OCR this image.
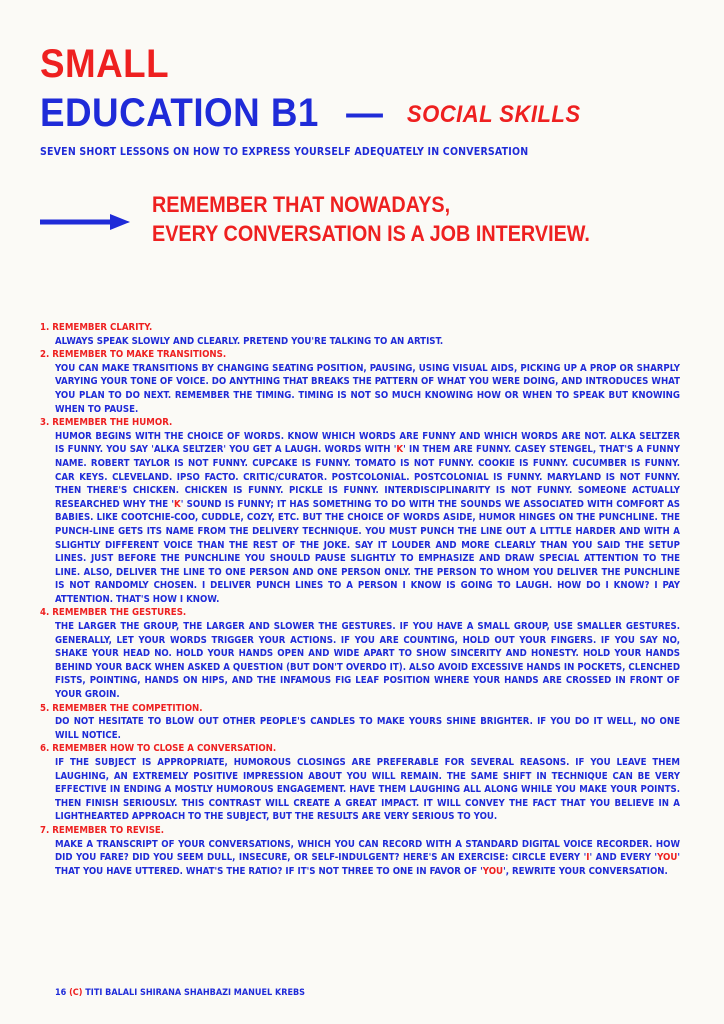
SMALL
EDUCATION B1 — SOCIAL SKILLS
SEVEN SHORT LESSONS ON HOW TO EXPRESS YOURSELF ADEQUATELY IN CONVERSATION
REMEMBER THAT NOWADAYS,
EVERY CONVERSATION IS A JOB INTERVIEW.
1. REMEMBER CLARITY.
ALWAYS SPEAK SLOWLY AND CLEARLY. PRETEND YOU'RE TALKING TO AN ARTIST.
2. REMEMBER TO MAKE TRANSITIONS.
YOU CAN MAKE TRANSITIONS BY CHANGING SEATING POSITION, PAUSING, USING VISUAL AIDS, PICKING UP A PROP OR SHARPLY VARYING YOUR TONE OF VOICE. DO ANYTHING THAT BREAKS THE PATTERN OF WHAT YOU WERE DOING, AND INTRODUCES WHAT YOU PLAN TO DO NEXT. REMEMBER THE TIMING. TIMING IS NOT SO MUCH KNOWING HOW OR WHEN TO SPEAK BUT KNOWING WHEN TO PAUSE.
3. REMEMBER THE HUMOR.
HUMOR BEGINS WITH THE CHOICE OF WORDS. KNOW WHICH WORDS ARE FUNNY AND WHICH WORDS ARE NOT. ALKA SELTZER IS FUNNY. YOU SAY 'ALKA SELTZER' YOU GET A LAUGH. WORDS WITH 'K' IN THEM ARE FUNNY. CASEY STENGEL, THAT'S A FUNNY NAME. ROBERT TAYLOR IS NOT FUNNY. CUPCAKE IS FUNNY. TOMATO IS NOT FUNNY. COOKIE IS FUNNY. CUCUMBER IS FUNNY. CAR KEYS. CLEVELAND. IPSO FACTO. CRITIC/CURATOR. POSTCOLONIAL. POSTCOLONIAL IS FUNNY. MARYLAND IS NOT FUNNY. THEN THERE'S CHICKEN. CHICKEN IS FUNNY. PICKLE IS FUNNY. INTERDISCIPLINARITY IS NOT FUNNY. SOMEONE ACTUALLY RESEARCHED WHY THE 'K' SOUND IS FUNNY; IT HAS SOMETHING TO DO WITH THE SOUNDS WE ASSOCIATED WITH COMFORT AS BABIES. LIKE COOTCHIE-COO, CUDDLE, COZY, ETC. BUT THE CHOICE OF WORDS ASIDE, HUMOR HINGES ON THE PUNCHLINE. THE PUNCH-LINE GETS ITS NAME FROM THE DELIVERY TECHNIQUE. YOU MUST PUNCH THE LINE OUT A LITTLE HARDER AND WITH A SLIGHTLY DIFFERENT VOICE THAN THE REST OF THE JOKE. SAY IT LOUDER AND MORE CLEARLY THAN YOU SAID THE SETUP LINES. JUST BEFORE THE PUNCHLINE YOU SHOULD PAUSE SLIGHTLY TO EMPHASIZE AND DRAW SPECIAL ATTENTION TO THE LINE. ALSO, DELIVER THE LINE TO ONE PERSON AND ONE PERSON ONLY. THE PERSON TO WHOM YOU DELIVER THE PUNCHLINE IS NOT RANDOMLY CHOSEN. I DELIVER PUNCH LINES TO A PERSON I KNOW IS GOING TO LAUGH. HOW DO I KNOW? I PAY ATTENTION. THAT'S HOW I KNOW.
4. REMEMBER THE GESTURES.
THE LARGER THE GROUP, THE LARGER AND SLOWER THE GESTURES. IF YOU HAVE A SMALL GROUP, USE SMALLER GESTURES. GENERALLY, LET YOUR WORDS TRIGGER YOUR ACTIONS. IF YOU ARE COUNTING, HOLD OUT YOUR FINGERS. IF YOU SAY NO, SHAKE YOUR HEAD NO. HOLD YOUR HANDS OPEN AND WIDE APART TO SHOW SINCERITY AND HONESTY. HOLD YOUR HANDS BEHIND YOUR BACK WHEN ASKED A QUESTION (BUT DON'T OVERDO IT). ALSO AVOID EXCESSIVE HANDS IN POCKETS, CLENCHED FISTS, POINTING, HANDS ON HIPS, AND THE INFAMOUS FIG LEAF POSITION WHERE YOUR HANDS ARE CROSSED IN FRONT OF YOUR GROIN.
5. REMEMBER THE COMPETITION.
DO NOT HESITATE TO BLOW OUT OTHER PEOPLE'S CANDLES TO MAKE YOURS SHINE BRIGHTER. IF YOU DO IT WELL, NO ONE WILL NOTICE.
6. REMEMBER HOW TO CLOSE A CONVERSATION.
IF THE SUBJECT IS APPROPRIATE, HUMOROUS CLOSINGS ARE PREFERABLE FOR SEVERAL REASONS. IF YOU LEAVE THEM LAUGHING, AN EXTREMELY POSITIVE IMPRESSION ABOUT YOU WILL REMAIN. THE SAME SHIFT IN TECHNIQUE CAN BE VERY EFFECTIVE IN ENDING A MOSTLY HUMOROUS ENGAGEMENT. HAVE THEM LAUGHING ALL ALONG WHILE YOU MAKE YOUR POINTS. THEN FINISH SERIOUSLY. THIS CONTRAST WILL CREATE A GREAT IMPACT. IT WILL CONVEY THE FACT THAT YOU BELIEVE IN A LIGHTHEARTED APPROACH TO THE SUBJECT, BUT THE RESULTS ARE VERY SERIOUS TO YOU.
7. REMEMBER TO REVISE.
MAKE A TRANSCRIPT OF YOUR CONVERSATIONS, WHICH YOU CAN RECORD WITH A STANDARD DIGITAL VOICE RECORDER. HOW DID YOU FARE? DID YOU SEEM DULL, INSECURE, OR SELF-INDULGENT? HERE'S AN EXERCISE: CIRCLE EVERY 'I' AND EVERY 'YOU' THAT YOU HAVE UTTERED. WHAT'S THE RATIO? IF IT'S NOT THREE TO ONE IN FAVOR OF 'YOU', REWRITE YOUR CONVERSATION.
16 (C) TITI BALALI SHIRANA SHAHBAZI MANUEL KREBS
